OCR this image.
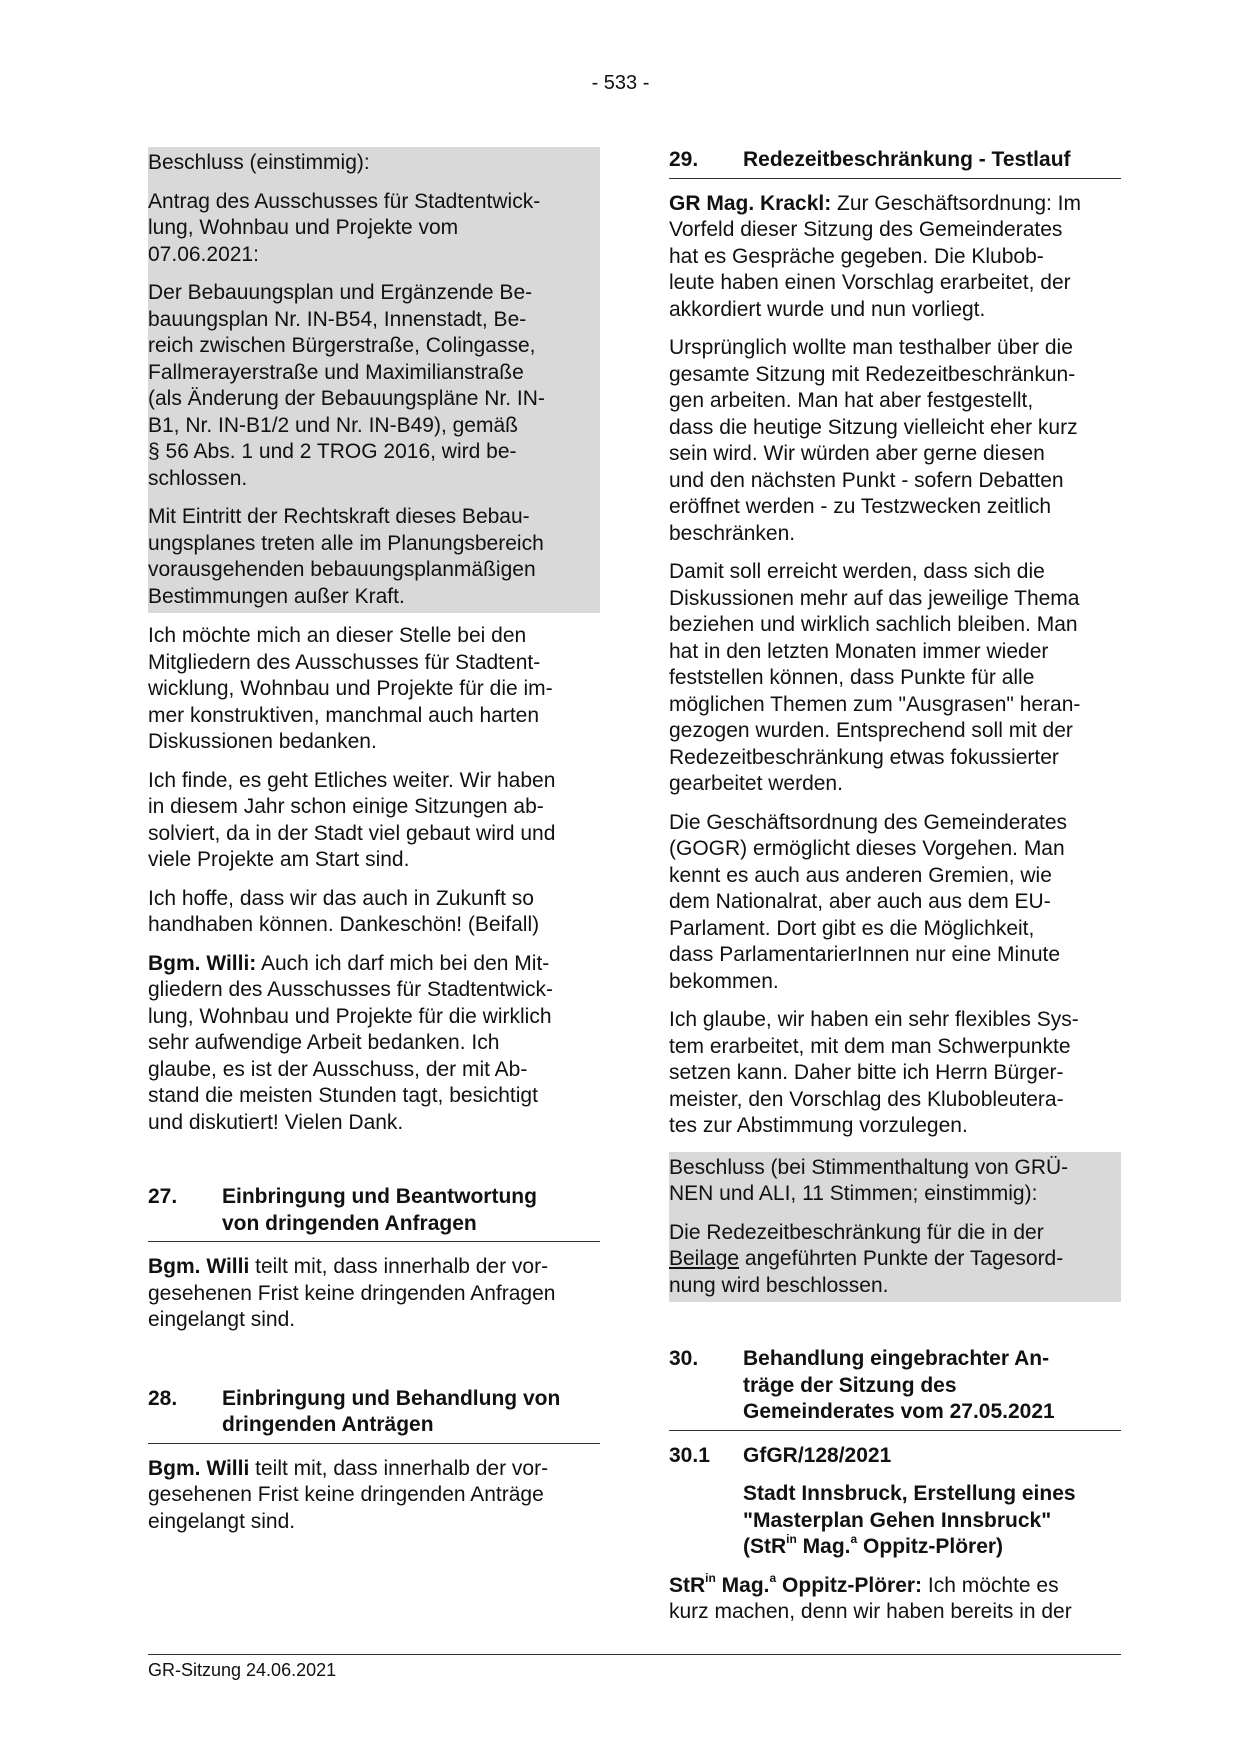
- 533 -
Beschluss (einstimmig):
Antrag des Ausschusses für Stadtentwick-
lung, Wohnbau und Projekte vom
07.06.2021:
Der Bebauungsplan und Ergänzende Be-
bauungsplan Nr. IN-B54, Innenstadt, Be-
reich zwischen Bürgerstraße, Colingasse,
Fallmerayerstraße und Maximilianstraße
(als Änderung der Bebauungspläne Nr. IN-
B1, Nr. IN-B1/2 und Nr. IN-B49), gemäß
§ 56 Abs. 1 und 2 TROG 2016, wird be-
schlossen.
Mit Eintritt der Rechtskraft dieses Bebau-
ungsplanes treten alle im Planungsbereich
vorausgehenden bebauungsplanmäßigen
Bestimmungen außer Kraft.
Ich möchte mich an dieser Stelle bei den
Mitgliedern des Ausschusses für Stadtent-
wicklung, Wohnbau und Projekte für die im-
mer konstruktiven, manchmal auch harten
Diskussionen bedanken.
Ich finde, es geht Etliches weiter. Wir haben
in diesem Jahr schon einige Sitzungen ab-
solviert, da in der Stadt viel gebaut wird und
viele Projekte am Start sind.
Ich hoffe, dass wir das auch in Zukunft so
handhaben können. Dankeschön! (Beifall)
Bgm. Willi: Auch ich darf mich bei den Mit-
gliedern des Ausschusses für Stadtentwick-
lung, Wohnbau und Projekte für die wirklich
sehr aufwendige Arbeit bedanken. Ich
glaube, es ist der Ausschuss, der mit Ab-
stand die meisten Stunden tagt, besichtigt
und diskutiert! Vielen Dank.
27.	Einbringung und Beantwortung
von dringenden Anfragen
Bgm. Willi teilt mit, dass innerhalb der vor-
gesehenen Frist keine dringenden Anfragen
eingelangt sind.
28.	Einbringung und Behandlung von
dringenden Anträgen
Bgm. Willi teilt mit, dass innerhalb der vor-
gesehenen Frist keine dringenden Anträge
eingelangt sind.
29.	Redezeitbeschränkung - Testlauf
GR Mag. Krackl: Zur Geschäftsordnung: Im
Vorfeld dieser Sitzung des Gemeinderates
hat es Gespräche gegeben. Die Klubob-
leute haben einen Vorschlag erarbeitet, der
akkordiert wurde und nun vorliegt.
Ursprünglich wollte man testhalber über die
gesamte Sitzung mit Redezeitbeschränkun-
gen arbeiten. Man hat aber festgestellt,
dass die heutige Sitzung vielleicht eher kurz
sein wird. Wir würden aber gerne diesen
und den nächsten Punkt - sofern Debatten
eröffnet werden - zu Testzwecken zeitlich
beschränken.
Damit soll erreicht werden, dass sich die
Diskussionen mehr auf das jeweilige Thema
beziehen und wirklich sachlich bleiben. Man
hat in den letzten Monaten immer wieder
feststellen können, dass Punkte für alle
möglichen Themen zum "Ausgrasen" heran-
gezogen wurden. Entsprechend soll mit der
Redezeitbeschränkung etwas fokussierter
gearbeitet werden.
Die Geschäftsordnung des Gemeinderates
(GOGR) ermöglicht dieses Vorgehen. Man
kennt es auch aus anderen Gremien, wie
dem Nationalrat, aber auch aus dem EU-
Parlament. Dort gibt es die Möglichkeit,
dass ParlamentarierInnen nur eine Minute
bekommen.
Ich glaube, wir haben ein sehr flexibles Sys-
tem erarbeitet, mit dem man Schwerpunkte
setzen kann. Daher bitte ich Herrn Bürger-
meister, den Vorschlag des Klubobleutera-
tes zur Abstimmung vorzulegen.
Beschluss (bei Stimmenthaltung von GRÜ-
NEN und ALI, 11 Stimmen; einstimmig):
Die Redezeitbeschränkung für die in der
Beilage angeführten Punkte der Tagesord-
nung wird beschlossen.
30.	Behandlung eingebrachter An-
träge der Sitzung des
Gemeinderates vom 27.05.2021
30.1	GfGR/128/2021
Stadt Innsbruck, Erstellung eines
"Masterplan Gehen Innsbruck"
(StR$^{in}$ Mag.$^a$ Oppitz-Plörer)
StR$^{in}$ Mag.$^a$ Oppitz-Plörer: Ich möchte es
kurz machen, denn wir haben bereits in der
GR-Sitzung 24.06.2021
